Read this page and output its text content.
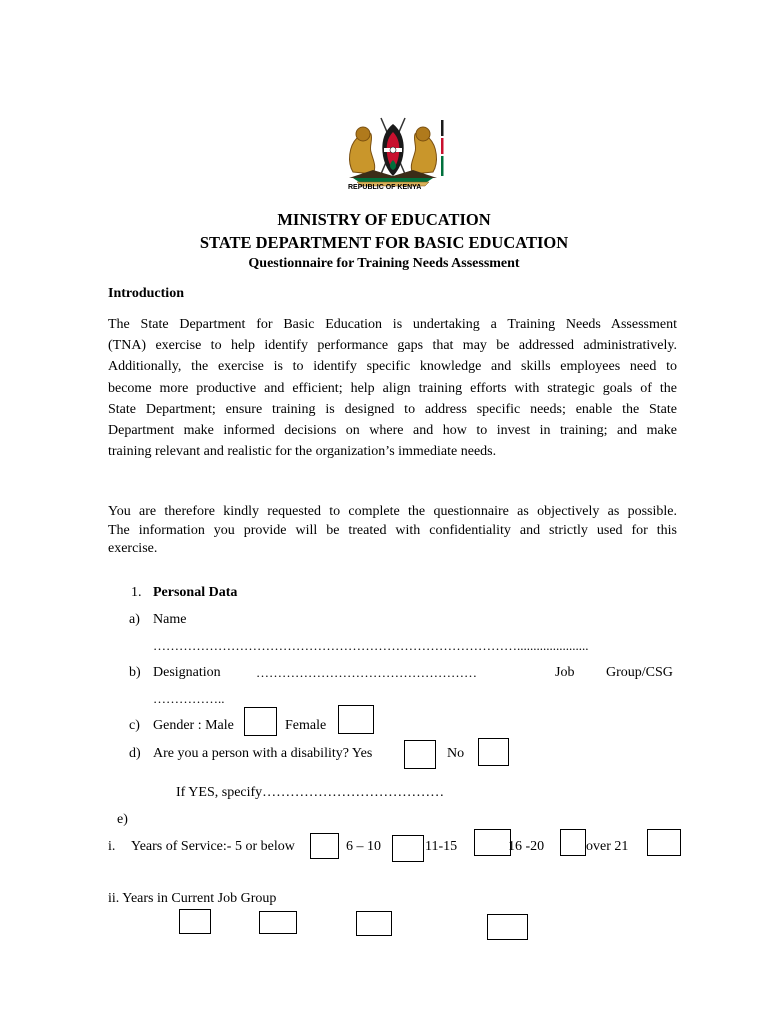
REPUBLIC OF KENYA
MINISTRY OF EDUCATION
STATE DEPARTMENT FOR BASIC EDUCATION
Questionnaire for Training Needs Assessment
Introduction
The State Department for Basic Education is undertaking a Training Needs Assessment
(TNA) exercise to help identify performance gaps that may be addressed administratively.
Additionally, the exercise is to identify specific knowledge and skills employees need to
become more productive and efficient; help align training efforts with strategic goals of the
State Department; ensure training is designed to address specific needs; enable the State
Department make informed decisions on where and how to invest in training; and make
training relevant and realistic for the organization’s immediate needs.
You are therefore kindly requested to complete the questionnaire as objectively as possible.
The information you provide will be treated with confidentiality and strictly used for this
exercise.
1. Personal Data
a) Name
…………………………………………………………………………......................
b) Designation	……………………………………………	Job Group/CSG
……………..
c) Gender : Male	Female
d) Are you a person with a disability? Yes	No
If YES, specify…………………………………
e)
i. Years of Service:- 5 or below	6 – 10	11-15	16 -20	over 21
ii. Years in Current Job Group
